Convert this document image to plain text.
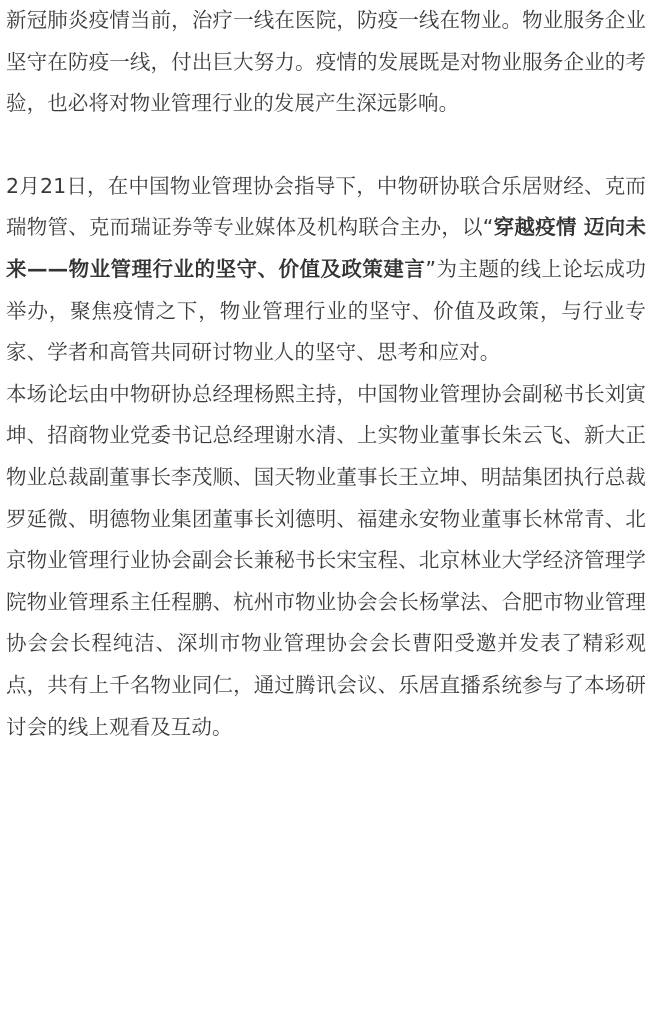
新冠肺炎疫情当前，治疗一线在医院，防疫一线在物业。物业服务企业坚守在防疫一线，付出巨大努力。疫情的发展既是对物业服务企业的考验，也必将对物业管理行业的发展产生深远影响。

2月21日，在中国物业管理协会指导下，中物研协联合乐居财经、克而瑞物管、克而瑞证券等专业媒体及机构联合主办，以“穿越疫情 迈向未来——物业管理行业的坚守、价值及政策建言”为主题的线上论坛成功举办，聚焦疫情之下，物业管理行业的坚守、价值及政策，与行业专家、学者和高管共同研讨物业人的坚守、思考和应对。

本场论坛由中物研协总经理杨熙主持，中国物业管理协会副秘书长刘寅坤、招商物业党委书记总经理谢水清、上实物业董事长朱云飞、新大正物业总裁副董事长李茂顺、国天物业董事长王立坤、明喆集团执行总裁罗延微、明德物业集团董事长刘德明、福建永安物业董事长林常青、北京物业管理行业协会副会长兼秘书长宋宝程、北京林业大学经济管理学院物业管理系主任程鹏、杭州市物业协会会长杨掌法、合肥市物业管理协会会长程纯洁、深圳市物业管理协会会长曹阳受邀并发表了精彩观点，共有上千名物业同仁，通过腾讯会议、乐居直播系统参与了本场研讨会的线上观看及互动。
